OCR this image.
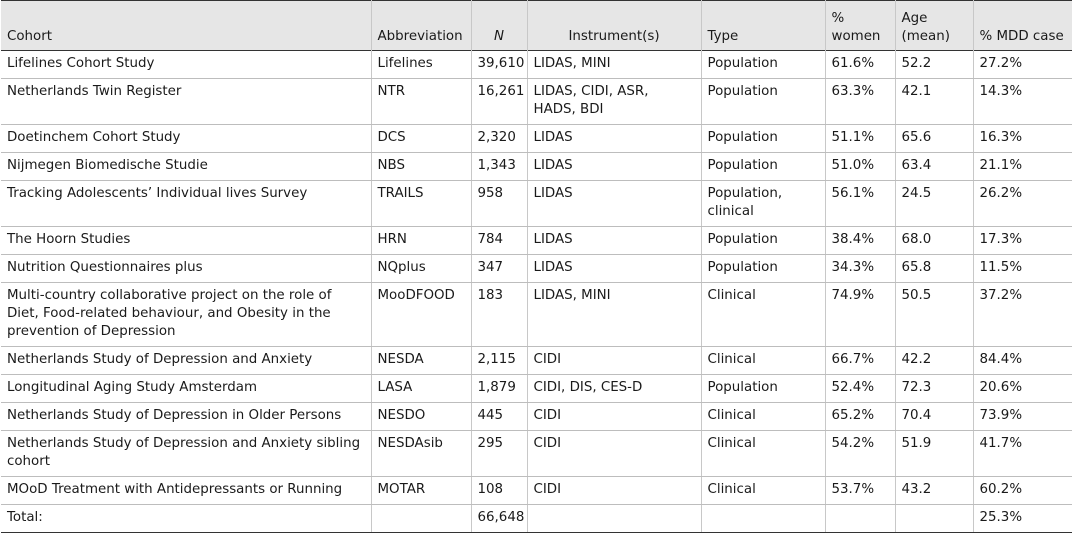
Cohort	Abbreviation	N	Instrument(s)	Type	% women	Age (mean)	% MDD case
Lifelines Cohort Study	Lifelines	39,610	LIDAS, MINI	Population	61.6%	52.2	27.2%
Netherlands Twin Register	NTR	16,261	LIDAS, CIDI, ASR, HADS, BDI	Population	63.3%	42.1	14.3%
Doetinchem Cohort Study	DCS	2,320	LIDAS	Population	51.1%	65.6	16.3%
Nijmegen Biomedische Studie	NBS	1,343	LIDAS	Population	51.0%	63.4	21.1%
Tracking Adolescents’ Individual lives Survey	TRAILS	958	LIDAS	Population, clinical	56.1%	24.5	26.2%
The Hoorn Studies	HRN	784	LIDAS	Population	38.4%	68.0	17.3%
Nutrition Questionnaires plus	NQplus	347	LIDAS	Population	34.3%	65.8	11.5%
Multi-country collaborative project on the role of Diet, Food-related behaviour, and Obesity in the prevention of Depression	MooDFOOD	183	LIDAS, MINI	Clinical	74.9%	50.5	37.2%
Netherlands Study of Depression and Anxiety	NESDA	2,115	CIDI	Clinical	66.7%	42.2	84.4%
Longitudinal Aging Study Amsterdam	LASA	1,879	CIDI, DIS, CES-D	Population	52.4%	72.3	20.6%
Netherlands Study of Depression in Older Persons	NESDO	445	CIDI	Clinical	65.2%	70.4	73.9%
Netherlands Study of Depression and Anxiety sibling cohort	NESDAsib	295	CIDI	Clinical	54.2%	51.9	41.7%
MOoD Treatment with Antidepressants or Running	MOTAR	108	CIDI	Clinical	53.7%	43.2	60.2%
Total:		66,648					25.3%
